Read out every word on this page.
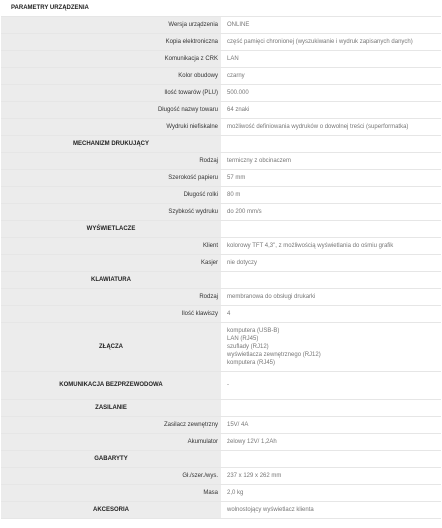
PARAMETRY URZĄDZENIA	
Wersja urządzenia	ONLINE
Kopia elektroniczna	część pamięci chronionej (wyszukiwanie i wydruk zapisanych danych)
Komunikacja z CRK	LAN
Kolor obudowy	czarny
Ilość towarów (PLU)	500.000
Długość nazwy towaru	64 znaki
Wydruki niefiskalne	możliwość definiowania wydruków o dowolnej treści (superformatka)
MECHANIZM DRUKUJĄCY	
Rodzaj	termiczny z obcinaczem
Szerokość papieru	57 mm
Długość rolki	80 m
Szybkość wydruku	do 200 mm/s
WYŚWIETLACZE	
Klient	kolorowy TFT 4,3", z możliwością wyświetlania do ośmiu grafik
Kasjer	nie dotyczy
KLAWIATURA	
Rodzaj	membranowa do obsługi drukarki
Ilość klawiszy	4
ZŁĄCZA	komputera (USB-B)
LAN (RJ45)
szuflady (RJ12)
wyświetlacza zewnętrznego (RJ12)
komputera (RJ45)

KOMUNIKACJA BEZPRZEWODOWA	-
ZASILANIE	
Zasilacz zewnętrzny	15V/ 4A
Akumulator	żelowy 12V/ 1,2Ah
GABARYTY	
Gł./szer./wys.	237 x 129 x 262 mm
Masa	2,0 kg
AKCESORIA	wolnostojący wyświetlacz klienta
